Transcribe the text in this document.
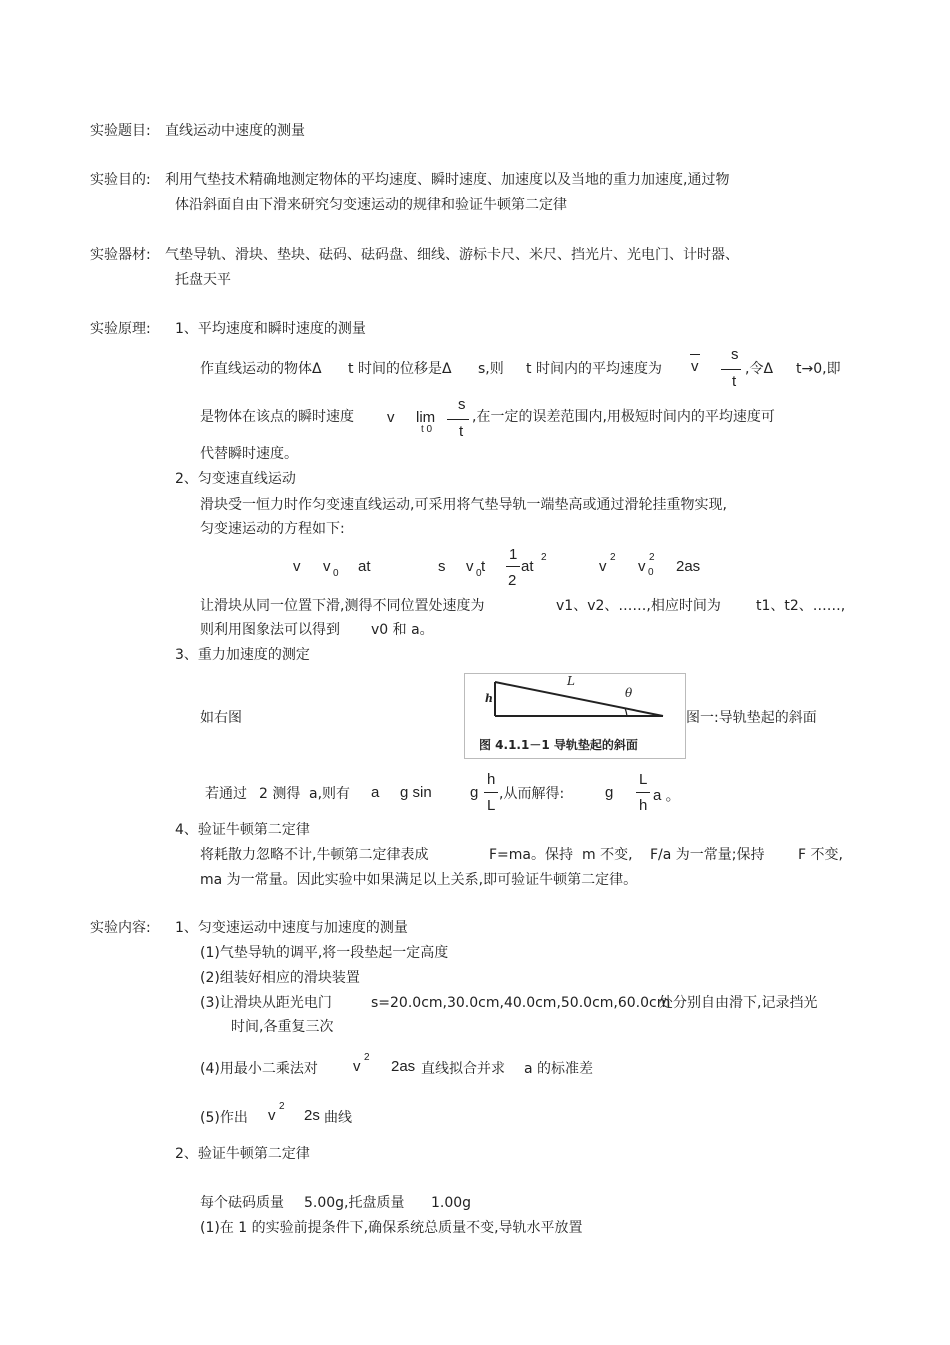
实验题目: 直线运动中速度的测量
实验目的: 利用气垫技术精确地测定物体的平均速度、瞬时速度、加速度以及当地的重力加速度,通过物
体沿斜面自由下滑来研究匀变速运动的规律和验证牛顿第二定律
实验器材: 气垫导轨、滑块、垫块、砝码、砝码盘、细线、游标卡尺、米尺、挡光片、光电门、计时器、
托盘天平
实验原理: 1、平均速度和瞬时速度的测量
作直线运动的物体Δ t 时间的位移是Δ s,则 t 时间内的平均速度为 v
s
t
,令Δ t→0,即
是物体在该点的瞬时速度 v lim
t 0
s
t
,在一定的误差范围内,用极短时间内的平均速度可
代替瞬时速度。
2、匀变速直线运动
滑块受一恒力时作匀变速直线运动,可采用将气垫导轨一端垫高或通过滑轮挂重物实现,
匀变速运动的方程如下:
v v 0 at	s v 0 t
1
2
at
2
v
2
v
2
0 2as
让滑块从同一位置下滑,测得不同位置处速度为	v1、v2、……,相应时间为	t1、t2、……,
则利用图象法可以得到 v0 和 a。
3、重力加速度的测定
如右图
h
L
θ
图 4.1.1－1 导轨垫起的斜面
图一:导轨垫起的斜面
若通过 2 测得 a,则有 a g sin	g
h
L
,从而解得:	g
L
h
a 。
4、验证牛顿第二定律
将耗散力忽略不计,牛顿第二定律表成	F=ma。保持 m 不变, F/a 为一常量;保持 F 不变,
ma 为一常量。因此实验中如果满足以上关系,即可验证牛顿第二定律。
实验内容: 1、匀变速运动中速度与加速度的测量
(1)气垫导轨的调平,将一段垫起一定高度
(2)组装好相应的滑块装置
(3)让滑块从距光电门	s=20.0cm,30.0cm,40.0cm,50.0cm,60.0cm
处分别自由滑下,记录挡光
时间,各重复三次
(4)用最小二乘法对 v
2
2as 直线拟合并求 a 的标准差
(5)作出 v
2
2s 曲线
2、验证牛顿第二定律
每个砝码质量 5.00g,托盘质量 1.00g
(1)在 1 的实验前提条件下,确保系统总质量不变,导轨水平放置
